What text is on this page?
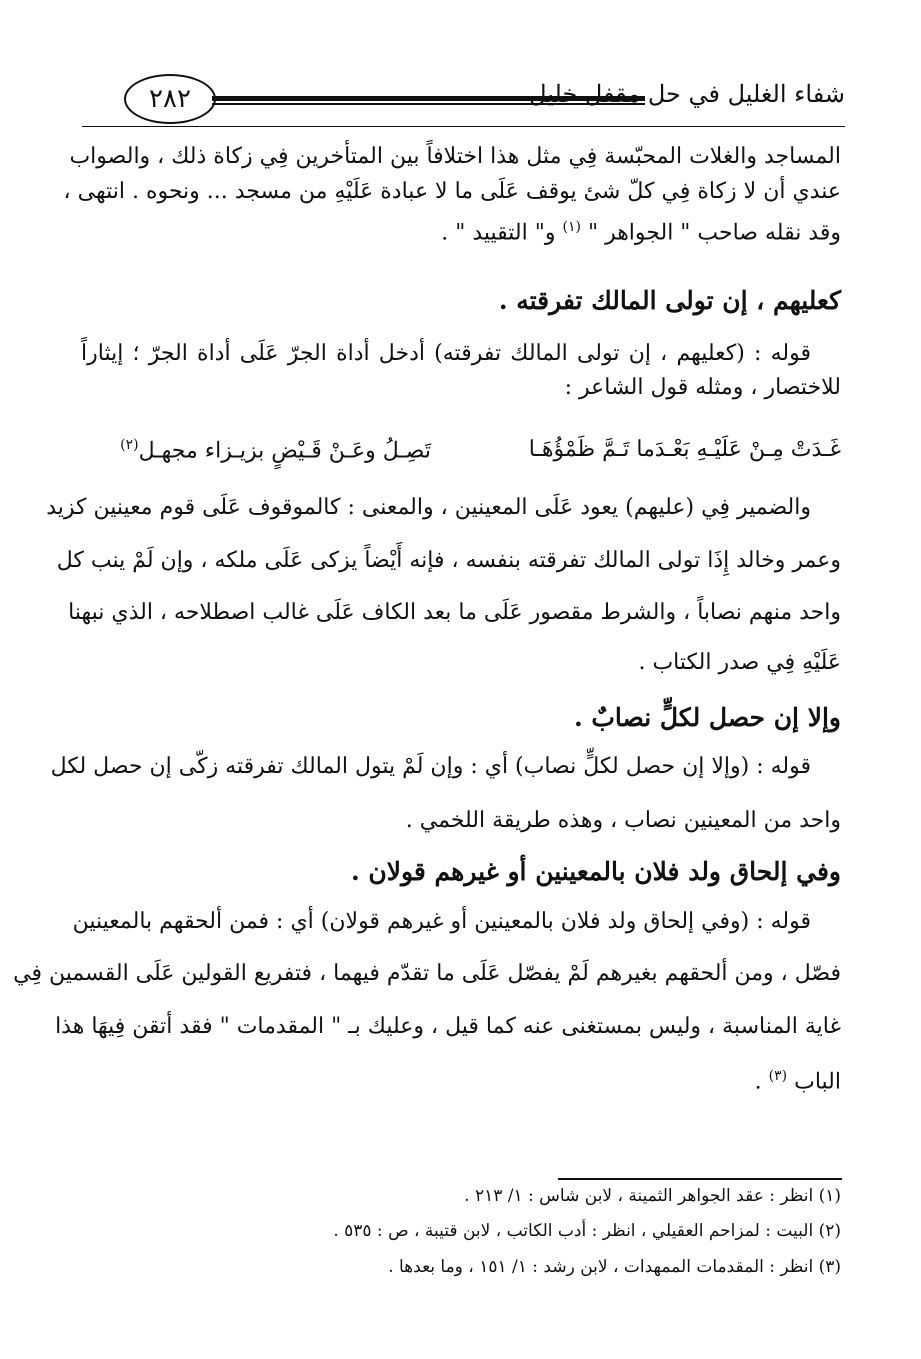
٢٨٢	شفاء الغليل في حل مقفل خليل
المساجد والغلات المحبّسة فِي مثل هذا اختلافاً بين المتأخرين فِي زكاة ذلك ، والصواب
عندي أن لا زكاة فِي كلّ شئ يوقف عَلَى ما لا عبادة عَلَيْهِ من مسجد ... ونحوه . انتهى ،
وقد نقله صاحب " الجواهر " $^{(١)}$ و" التقييد " .
كعليهم ، إن تولى المالك تفرقته .
قوله : (كعليهم ، إن تولى المالك تفرقته) أدخل أداة الجرّ عَلَى أداة الجرّ ؛ إيثاراً
للاختصار ، ومثله قول الشاعر :
غَـدَتْ مِـنْ عَلَيْـهِ بَعْـدَما تَـمَّ ظَمْؤُهَـا
تَصِـلُ وعَـنْ قَـيْضٍ بزيـزاء مجهـل$^{(٢)}$
والضمير فِي (عليهم) يعود عَلَى المعينين ، والمعنى : كالموقوف عَلَى قوم معينين كزيد
وعمر وخالد إِذَا تولى المالك تفرقته بنفسه ، فإنه أَيْضاً يزكى عَلَى ملكه ، وإن لَمْ ينب كل
واحد منهم نصاباً ، والشرط مقصور عَلَى ما بعد الكاف عَلَى غالب اصطلاحه ، الذي نبهنا
عَلَيْهِ فِي صدر الكتاب .
وإلا إن حصل لكلٍّ نصابٌ .
قوله : (وإلا إن حصل لكلٍّ نصاب) أي : وإن لَمْ يتول المالك تفرقته زكّى إن حصل لكل
واحد من المعينين نصاب ، وهذه طريقة اللخمي .
وفي إلحاق ولد فلان بالمعينين أو غيرهم قولان .
قوله : (وفي إلحاق ولد فلان بالمعينين أو غيرهم قولان) أي : فمن ألحقهم بالمعينين
فصّل ، ومن ألحقهم بغيرهم لَمْ يفصّل عَلَى ما تقدّم فيهما ، فتفريع القولين عَلَى القسمين فِي
غاية المناسبة ، وليس بمستغنى عنه كما قيل ، وعليك بـ " المقدمات " فقد أتقن فِيهَا هذا
الباب $^{(٣)}$ .
(١) انظر : عقد الجواهر الثمينة ، لابن شاس : ١/ ٢١٣ .
(٢) البيت : لمزاحم العقيلي ، انظر : أدب الكاتب ، لابن قتيبة ، ص : ٥٣٥ .
(٣) انظر : المقدمات الممهدات ، لابن رشد : ١/ ١٥١ ، وما بعدها .
